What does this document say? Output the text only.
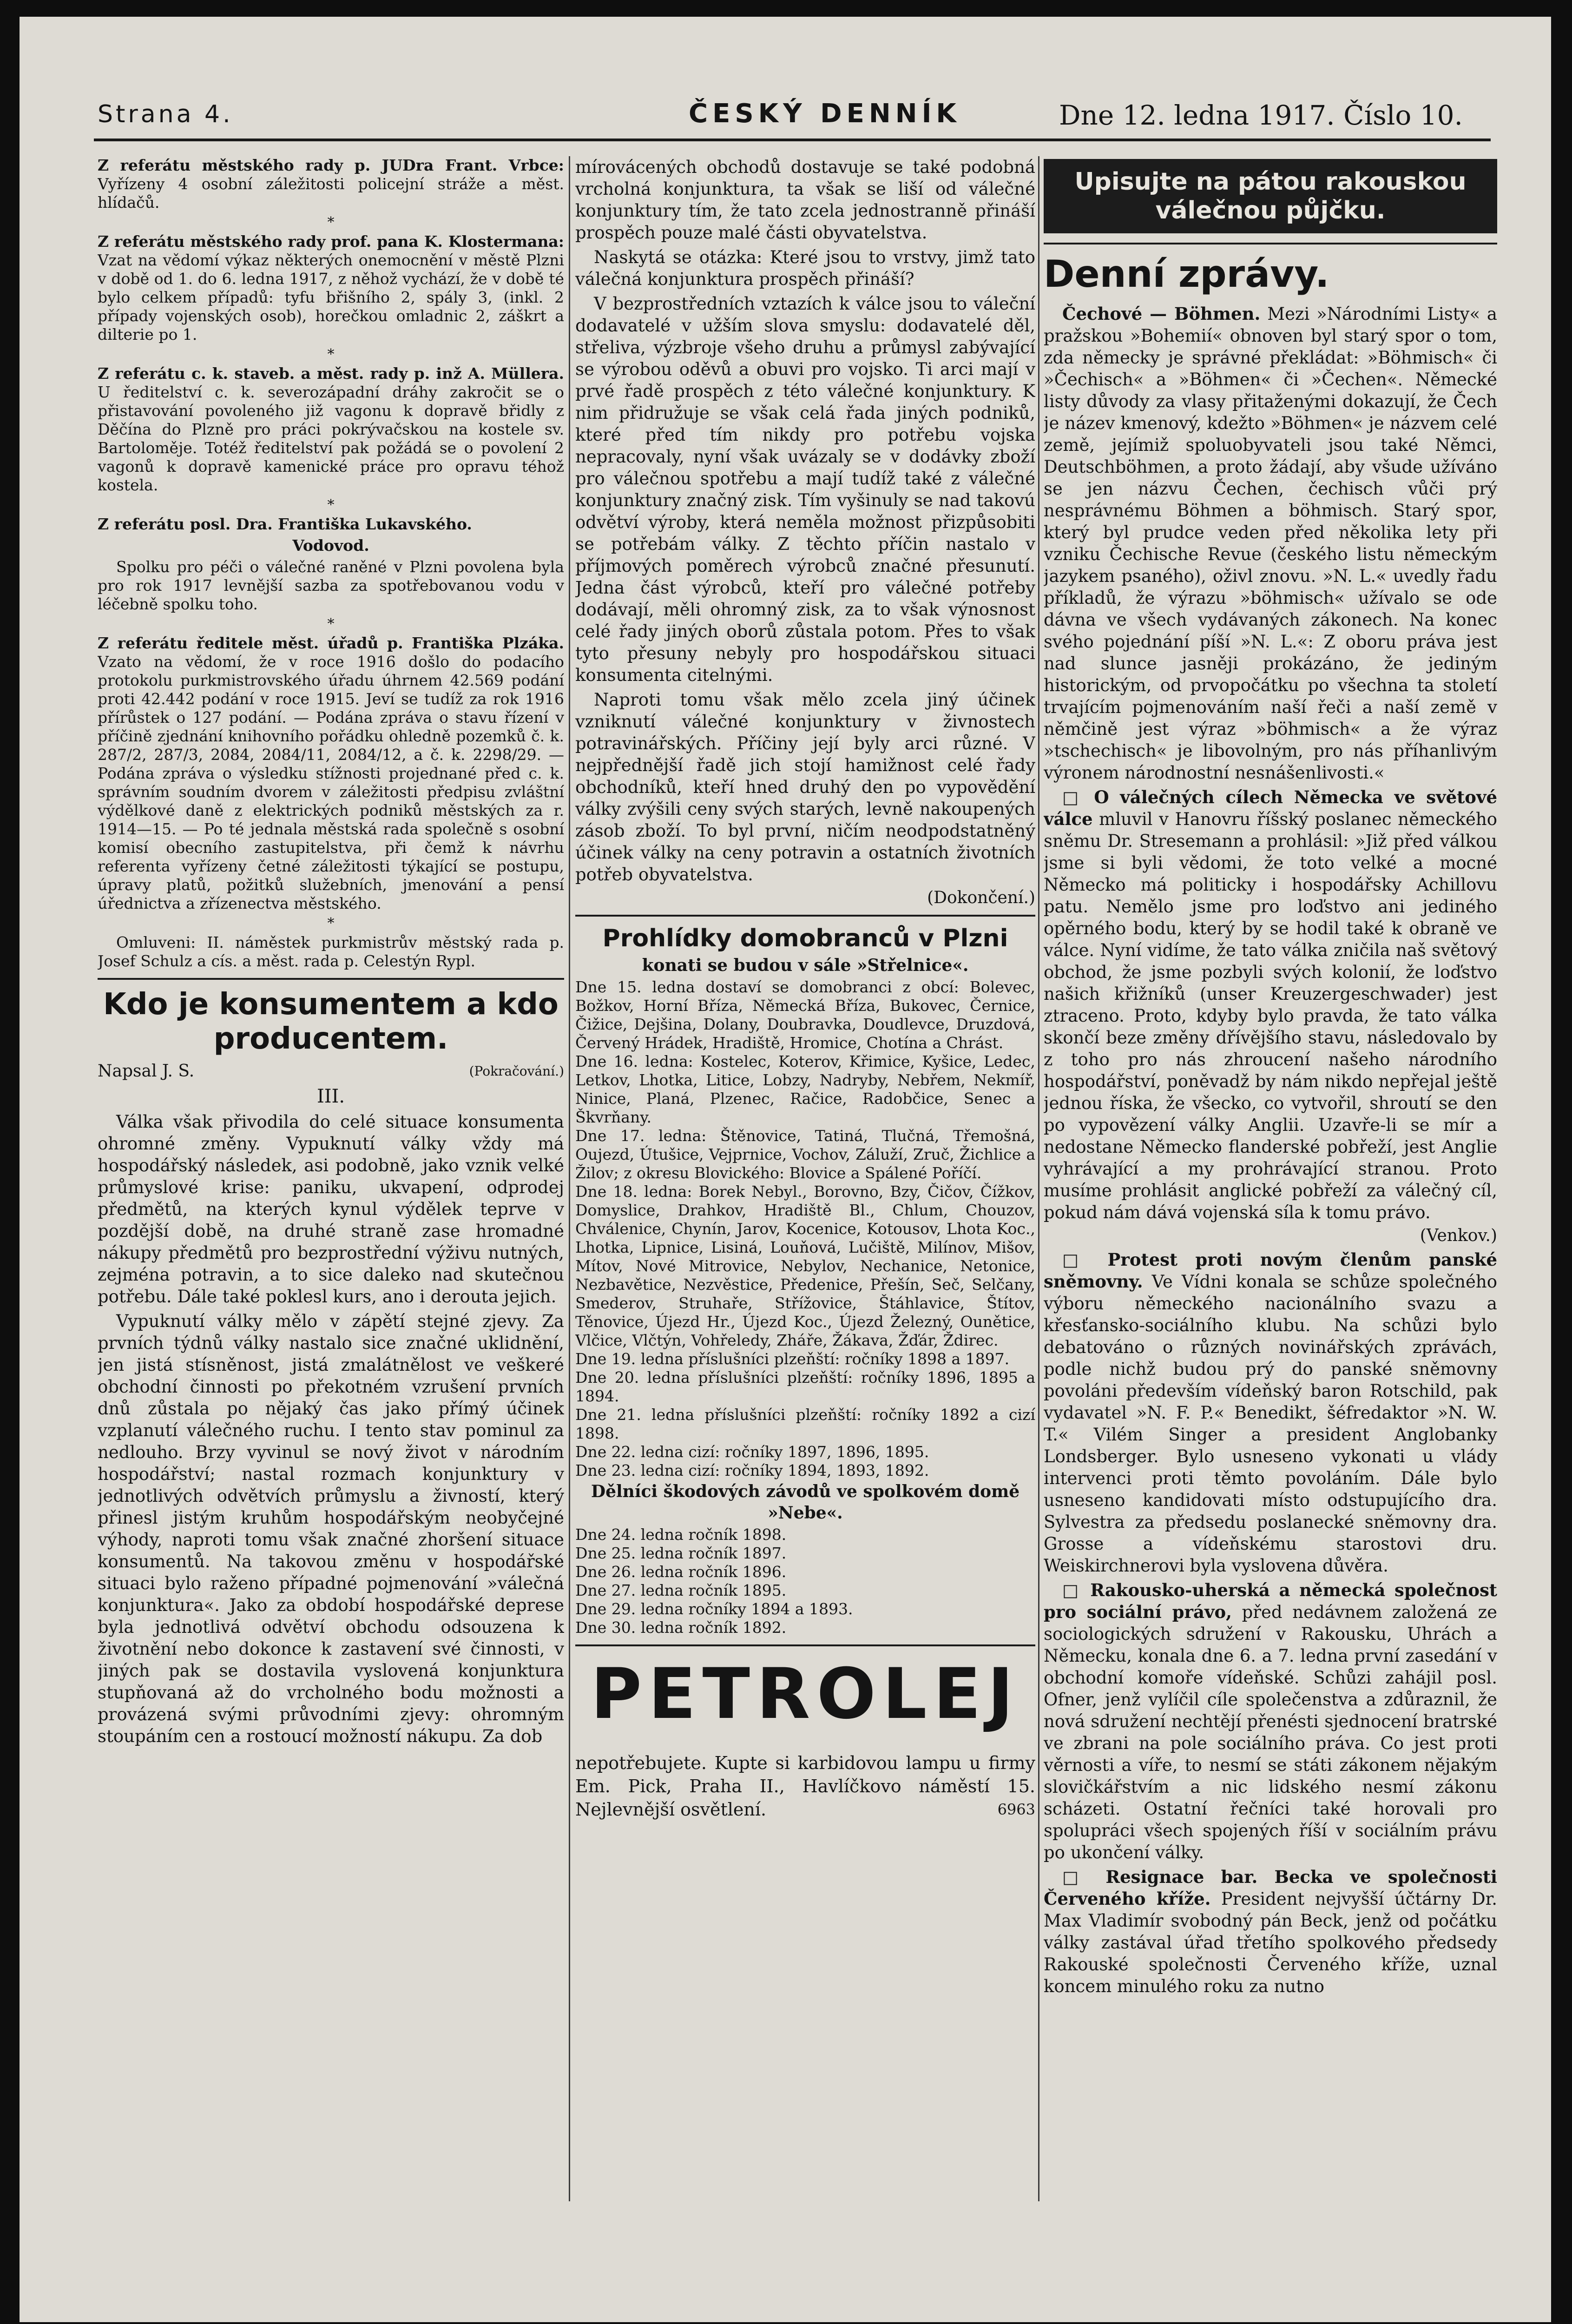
Strana 4.	ČESKÝ DENNÍK	Dne 12. ledna 1917. Číslo 10.

Z referátu městského rady p. JUDra Frant. Vrbce: Vyřízeny 4 osobní záležitosti policejní stráže a měst. hlídačů.

*

Z referátu městského rady prof. pana K. Klostermana: Vzat na vědomí výkaz některých onemocnění v městě Plzni v době od 1. do 6. ledna 1917, z něhož vychází, že v době té bylo celkem případů: tyfu břišního 2, spály 3, (inkl. 2 případy vojenských osob), horečkou omladnic 2, záškrt a dilterie po 1.

*

Z referátu c. k. staveb. a měst. rady p. inž A. Müllera. U ředitelství c. k. severozápadní dráhy zakročit se o přistavování povoleného již vagonu k dopravě břidly z Děčína do Plzně pro práci pokrývačskou na kostele sv. Bartoloměje. Totéž ředitelství pak požádá se o povolení 2 vagonů k dopravě kamenické práce pro opravu téhož kostela.

*

Z referátu posl. Dra. Františka Lukavského.

Vodovod.

Spolku pro péči o válečné raněné v Plzni povolena byla pro rok 1917 levnější sazba za spotřebovanou vodu v léčebně spolku toho.

*

Z referátu ředitele měst. úřadů p. Františka Plzáka. Vzato na vědomí, že v roce 1916 došlo do podacího protokolu purkmistrovského úřadu úhrnem 42.569 podání proti 42.442 podání v roce 1915. Jeví se tudíž za rok 1916 přírůstek o 127 podání. — Podána zpráva o stavu řízení v příčině zjednání knihovního pořádku ohledně pozemků č. k. 287/2, 287/3, 2084, 2084/11, 2084/12, a č. k. 2298/29. — Podána zpráva o výsledku stížnosti projednané před c. k. správním soudním dvorem v záležitosti předpisu zvláštní výdělkové daně z elektrických podniků městských za r. 1914—15. — Po té jednala městská rada společně s osobní komisí obecního zastupitelstva, při čemž k návrhu referenta vyřízeny četné záležitosti týkající se postupu, úpravy platů, požitků služebních, jmenování a pensí úřednictva a zřízenectva městského.

*

Omluveni: II. náměstek purkmistrův městský rada p. Josef Schulz a cís. a měst. rada p. Celestýn Rypl.

Kdo je konsumentem a kdo producentem.
Napsal J. S.	(Pokračování.)
III.

Válka však přivodila do celé situace konsumenta ohromné změny. Vypuknutí války vždy má hospodářský následek, asi podobně, jako vznik velké průmyslové krise: paniku, ukvapení, odprodej předmětů, na kterých kynul výdělek teprve v pozdější době, na druhé straně zase hromadné nákupy předmětů pro bezprostřední výživu nutných, zejména potravin, a to sice daleko nad skutečnou potřebu. Dále také poklesl kurs, ano i derouta jejich.

Vypuknutí války mělo v zápětí stejné zjevy. Za prvních týdnů války nastalo sice značné uklidnění, jen jistá stísněnost, jistá zmalátnělost ve veškeré obchodní činnosti po překotném vzrušení prvních dnů zůstala po nějaký čas jako přímý účinek vzplanutí válečného ruchu. I tento stav pominul za nedlouho. Brzy vyvinul se nový život v národním hospodářství; nastal rozmach konjunktury v jednotlivých odvětvích průmyslu a živností, který přinesl jistým kruhům hospodářským neobyčejné výhody, naproti tomu však značné zhoršení situace konsumentů. Na takovou změnu v hospodářské situaci bylo raženo případné pojmenování »válečná konjunktura«. Jako za období hospodářské deprese byla jednotlivá odvětví obchodu odsouzena k životnění nebo dokonce k zastavení své činnosti, v jiných pak se dostavila vyslovená konjunktura stupňovaná až do vrcholného bodu možnosti a provázená svými průvodními zjevy: ohromným stoupáním cen a rostoucí možností nákupu. Za dob

mírovácených obchodů dostavuje se také podobná vrcholná konjunktura, ta však se liší od válečné konjunktury tím, že tato zcela jednostranně přináší prospěch pouze malé části obyvatelstva.

Naskytá se otázka: Které jsou to vrstvy, jimž tato válečná konjunktura prospěch přináší?

V bezprostředních vztazích k válce jsou to váleční dodavatelé v užším slova smyslu: dodavatelé děl, střeliva, výzbroje všeho druhu a průmysl zabývající se výrobou oděvů a obuvi pro vojsko. Ti arci mají v prvé řadě prospěch z této válečné konjunktury. K nim přidružuje se však celá řada jiných podniků, které před tím nikdy pro potřebu vojska nepracovaly, nyní však uvázaly se v dodávky zboží pro válečnou spotřebu a mají tudíž také z válečné konjunktury značný zisk. Tím vyšinuly se nad takovú odvětví výroby, která neměla možnost přizpůsobiti se potřebám války. Z těchto příčin nastalo v příjmových poměrech výrobců značné přesunutí. Jedna část výrobců, kteří pro válečné potřeby dodávají, měli ohromný zisk, za to však výnosnost celé řady jiných oborů zůstala potom. Přes to však tyto přesuny nebyly pro hospodářskou situaci konsumenta citelnými.

Naproti tomu však mělo zcela jiný účinek vzniknutí válečné konjunktury v živnostech potravinářských. Příčiny její byly arci různé. V nejpřednější řadě jich stojí hamižnost celé řady obchodníků, kteří hned druhý den po vypovědění války zvýšili ceny svých starých, levně nakoupených zásob zboží. To byl první, ničím neodpodstatněný účinek války na ceny potravin a ostatních životních potřeb obyvatelstva.

(Dokončení.)
Prohlídky domobranců v Plzni
konati se budou v sále »Střelnice«.

Dne 15. ledna dostaví se domobranci z obcí: Bolevec, Božkov, Horní Bříza, Německá Bříza, Bukovec, Černice, Čižice, Dejšina, Dolany, Doubravka, Doudlevce, Druzdová, Červený Hrádek, Hradiště, Hromice, Chotína a Chrást.

Dne 16. ledna: Kostelec, Koterov, Křimice, Kyšice, Ledec, Letkov, Lhotka, Litice, Lobzy, Nadryby, Nebřem, Nekmíř, Ninice, Planá, Plzenec, Račice, Radobčice, Senec a Škvrňany.

Dne 17. ledna: Štěnovice, Tatiná, Tlučná, Třemošná, Oujezd, Útušice, Vejprnice, Vochov, Záluží, Zruč, Žichlice a Žilov; z okresu Blovického: Blovice a Spálené Poříčí.

Dne 18. ledna: Borek Nebyl., Borovno, Bzy, Čičov, Čížkov, Domyslice, Drahkov, Hradiště Bl., Chlum, Chouzov, Chválenice, Chynín, Jarov, Kocenice, Kotousov, Lhota Koc., Lhotka, Lipnice, Lisiná, Louňová, Lučiště, Milínov, Mišov, Mítov, Nové Mitrovice, Nebylov, Nechanice, Netonice, Nezbavětice, Nezvěstice, Předenice, Přešín, Seč, Selčany, Smederov, Struhaře, Střížovice, Štáhlavice, Štítov, Těnovice, Újezd Hr., Újezd Koc., Újezd Železný, Ouněticе, Vlčice, Vlčtýn, Vohřeledy, Zháře, Žákava, Žďár, Ždirec.

Dne 19. ledna příslušníci plzeňští: ročníky 1898 a 1897.

Dne 20. ledna příslušníci plzeňští: ročníky 1896, 1895 a 1894.

Dne 21. ledna příslušníci plzeňští: ročníky 1892 a cizí 1898.

Dne 22. ledna cizí: ročníky 1897, 1896, 1895.

Dne 23. ledna cizí: ročníky 1894, 1893, 1892.

Dělníci škodových závodů ve spolkovém domě »Nebe«.

Dne 24. ledna ročník 1898.

Dne 25. ledna ročník 1897.

Dne 26. ledna ročník 1896.

Dne 27. ledna ročník 1895.

Dne 29. ledna ročníky 1894 a 1893.

Dne 30. ledna ročník 1892.

PETROLEJ

nepotřebujete. Kupte si karbidovou lampu u firmy Em. Pick, Praha II., Havlíčkovo náměstí 15. Nejlevnější osvětlení.	6963

Upisujte na pátou rakouskou válečnou půjčku.
Denní zprávy.

Čechové — Böhmen. Mezi »Národními Listy« a pražskou »Bohemií« obnoven byl starý spor o tom, zda německy je správné překládat: »Böhmisch« či »Čechisch« a »Böhmen« či »Čechen«. Německé listy důvody za vlasy přitaženými dokazují, že Čech je název kmenový, kdežto »Böhmen« je názvem celé země, jejímiž spoluobyvateli jsou také Němci, Deutschböhmen, a proto žádají, aby všude užíváno se jen názvu Čechen, čechisch vůči prý nesprávnému Böhmen a böhmisch. Starý spor, který byl prudce veden před několika lety při vzniku Čechische Revue (českého listu německým jazykem psaného), oživl znovu. »N. L.« uvedly řadu příkladů, že výrazu »böhmisch« užívalo se ode dávna ve všech vydávaných zákonech. Na konec svého pojednání píší »N. L.«: Z oboru práva jest nad slunce jasněji prokázáno, že jediným historickým, od prvopočátku po všechna ta století trvajícím pojmenováním naší řeči a naší země v němčině jest výraz »böhmisch« a že výraz »tschechisch« je libovolným, pro nás příhanlivým výronem národnostní nesnášenlivosti.«

□ O válečných cílech Německa ve světové válce mluvil v Hanovru říšský poslanec německého sněmu Dr. Stresemann a prohlásil: »Již před válkou jsme si byli vědomi, že toto velké a mocné Německo má politicky i hospodářsky Achillovu patu. Nemělo jsme pro loďstvo ani jediného opěrného bodu, který by se hodil také k obraně ve válce. Nyní vidíme, že tato válka zničila naš světový obchod, že jsme pozbyli svých kolonií, že loďstvo našich křižníků (unser Kreuzergeschwader) jest ztraceno. Proto, kdyby bylo pravda, že tato válka skončí beze změny dřívějšího stavu, následovalo by z toho pro nás zhroucení našeho národního hospodářství, poněvadž by nám nikdo nepřejal ještě jednou říska, že všecko, co vytvořil, shroutí se den po vypovězení války Anglii. Uzavře-li se mír a nedostane Německo flanderské pobřeží, jest Anglie vyhrávající a my prohrávající stranou. Proto musíme prohlásit anglické pobřeží za válečný cíl, pokud nám dává vojenská síla k tomu právo.

(Venkov.)

□ Protest proti novým členům panské sněmovny. Ve Vídni konala se schůze společného výboru německého nacionálního svazu a křesťansko-sociálního klubu. Na schůzi bylo debatováno o různých novinářských zprávách, podle nichž budou prý do panské sněmovny povoláni především vídeňský baron Rotschild, pak vydavatel »N. F. P.« Benedikt, šéfredaktor »N. W. T.« Vilém Singer a president Anglobanky Londsberger. Bylo usneseno vykonati u vlády intervenci proti těmto povoláním. Dále bylo usneseno kandidovati místo odstupujícího dra. Sylvestra za předsedu poslanecké sněmovny dra. Grosse a vídeňskému starostovi dru. Weiskirchnerovi byla vyslovena důvěra.

□ Rakousko-uherská a německá společnost pro sociální právo, před nedávnem založená ze sociologických sdružení v Rakousku, Uhrách a Německu, konala dne 6. a 7. ledna první zasedání v obchodní komoře vídeňské. Schůzi zahájil posl. Ofner, jenž vylíčil cíle společenstva a zdůraznil, že nová sdružení nechtějí přenésti sjednocení bratrské ve zbrani na pole sociálního práva. Co jest proti věrnosti a víře, to nesmí se státi zákonem nějakým slovičkářstvím a nic lidského nesmí zákonu scházeti. Ostatní řečníci také horovali pro spolupráci všech spojených říší v sociálním právu po ukončení války.

□ Resignace bar. Becka ve společnosti Červeného kříže. President nejvyšší účtárny Dr. Max Vladimír svobodný pán Beck, jenž od počátku války zastával úřad třetího spolkového předsedy Rakouské společnosti Červeného kříže, uznal koncem minulého roku za nutno
